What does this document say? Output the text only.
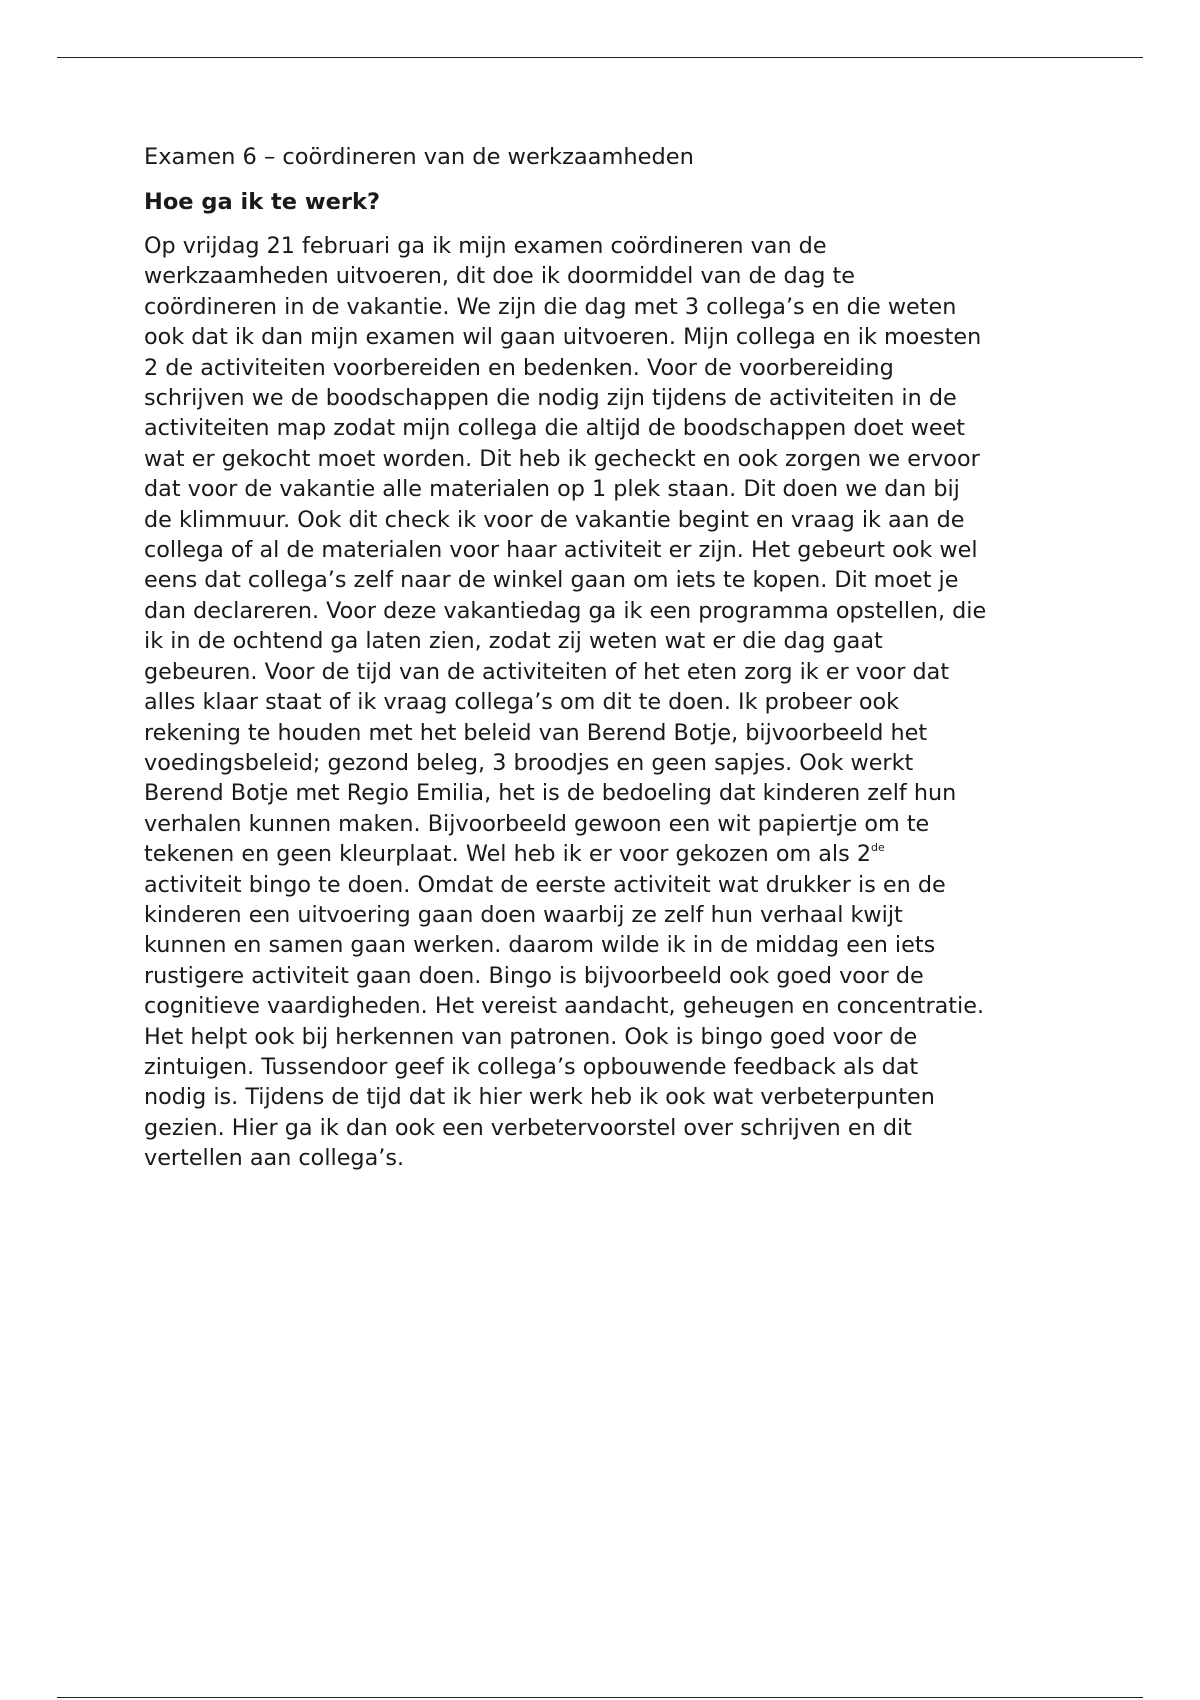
Examen 6 – coördineren van de werkzaamheden
Hoe ga ik te werk?

Op vrijdag 21 februari ga ik mijn examen coördineren van de
werkzaamheden uitvoeren, dit doe ik doormiddel van de dag te
coördineren in de vakantie. We zijn die dag met 3 collega’s en die weten
ook dat ik dan mijn examen wil gaan uitvoeren. Mijn collega en ik moesten
2 de activiteiten voorbereiden en bedenken. Voor de voorbereiding
schrijven we de boodschappen die nodig zijn tijdens de activiteiten in de
activiteiten map zodat mijn collega die altijd de boodschappen doet weet
wat er gekocht moet worden. Dit heb ik gecheckt en ook zorgen we ervoor
dat voor de vakantie alle materialen op 1 plek staan. Dit doen we dan bij
de klimmuur. Ook dit check ik voor de vakantie begint en vraag ik aan de
collega of al de materialen voor haar activiteit er zijn. Het gebeurt ook wel
eens dat collega’s zelf naar de winkel gaan om iets te kopen. Dit moet je
dan declareren. Voor deze vakantiedag ga ik een programma opstellen, die
ik in de ochtend ga laten zien, zodat zij weten wat er die dag gaat
gebeuren. Voor de tijd van de activiteiten of het eten zorg ik er voor dat
alles klaar staat of ik vraag collega’s om dit te doen. Ik probeer ook
rekening te houden met het beleid van Berend Botje, bijvoorbeeld het
voedingsbeleid; gezond beleg, 3 broodjes en geen sapjes. Ook werkt
Berend Botje met Regio Emilia, het is de bedoeling dat kinderen zelf hun
verhalen kunnen maken. Bijvoorbeeld gewoon een wit papiertje om te
tekenen en geen kleurplaat. Wel heb ik er voor gekozen om als 2de
activiteit bingo te doen. Omdat de eerste activiteit wat drukker is en de
kinderen een uitvoering gaan doen waarbij ze zelf hun verhaal kwijt
kunnen en samen gaan werken. daarom wilde ik in de middag een iets
rustigere activiteit gaan doen. Bingo is bijvoorbeeld ook goed voor de
cognitieve vaardigheden. Het vereist aandacht, geheugen en concentratie.
Het helpt ook bij herkennen van patronen. Ook is bingo goed voor de
zintuigen. Tussendoor geef ik collega’s opbouwende feedback als dat
nodig is. Tijdens de tijd dat ik hier werk heb ik ook wat verbeterpunten
gezien. Hier ga ik dan ook een verbetervoorstel over schrijven en dit
vertellen aan collega’s.
